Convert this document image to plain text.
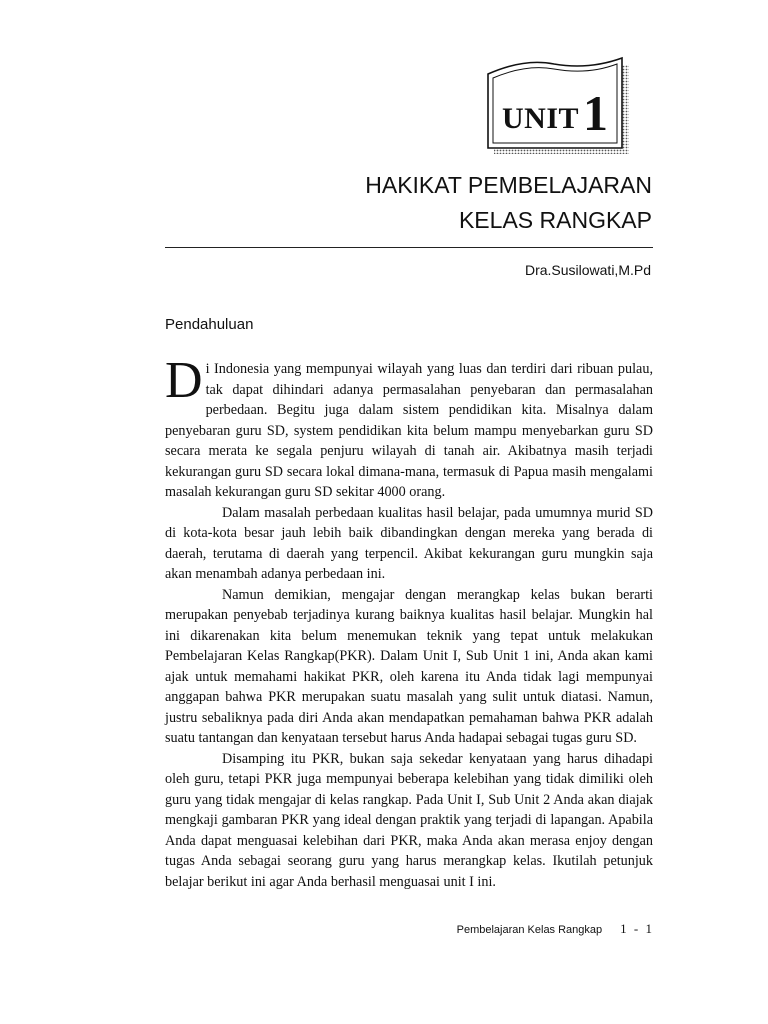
UNIT1
HAKIKAT PEMBELAJARAN
KELAS RANGKAP
Dra.Susilowati,M.Pd
Pendahuluan

Di Indonesia yang mempunyai wilayah yang luas dan terdiri dari ribuan pulau, tak dapat dihindari adanya permasalahan penyebaran dan permasalahan perbedaan. Begitu juga dalam sistem pendidikan kita. Misalnya dalam penyebaran guru SD, system pendidikan kita belum mampu menyebarkan guru SD secara merata ke segala penjuru wilayah di tanah air. Akibatnya masih terjadi kekurangan guru SD secara lokal dimana-mana, termasuk di Papua masih mengalami masalah kekurangan guru SD sekitar 4000 orang.

Dalam masalah perbedaan kualitas hasil belajar, pada umumnya murid SD di kota-kota besar jauh lebih baik dibandingkan dengan mereka yang berada di daerah, terutama di daerah yang terpencil. Akibat kekurangan guru mungkin saja akan menambah adanya perbedaan ini.

Namun demikian, mengajar dengan merangkap kelas bukan berarti merupakan penyebab terjadinya kurang baiknya kualitas hasil belajar. Mungkin hal ini dikarenakan kita belum menemukan teknik yang tepat untuk melakukan Pembelajaran Kelas Rangkap(PKR). Dalam Unit I, Sub Unit 1 ini, Anda akan kami ajak untuk memahami hakikat PKR, oleh karena itu Anda tidak lagi mempunyai anggapan bahwa PKR merupakan suatu masalah yang sulit untuk diatasi. Namun, justru sebaliknya pada diri Anda akan mendapatkan pemahaman bahwa PKR adalah suatu tantangan dan kenyataan tersebut harus Anda hadapai sebagai tugas guru SD.

Disamping itu PKR, bukan saja sekedar kenyataan yang harus dihadapi oleh guru, tetapi PKR juga mempunyai beberapa kelebihan yang tidak dimiliki oleh guru yang tidak mengajar di kelas rangkap. Pada Unit I, Sub Unit 2 Anda akan diajak mengkaji gambaran PKR yang ideal dengan praktik yang terjadi di lapangan. Apabila Anda dapat menguasai kelebihan dari PKR, maka Anda akan merasa enjoy dengan tugas Anda sebagai seorang guru yang harus merangkap kelas. Ikutilah petunjuk belajar berikut ini agar Anda berhasil menguasai unit I ini.

Pembelajaran Kelas Rangkap 1 - 1
